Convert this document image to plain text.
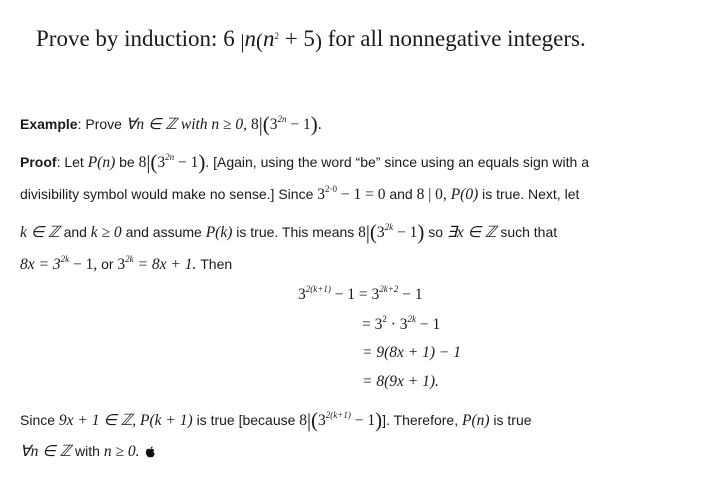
Prove by induction: 6 $|n(n^2 + 5)$ for all nonnegative integers.
Example: Prove ∀n ∈ ℤ with n ≥ 0, $8|(3^{2n} - 1)$.
Proof: Let P(n) be $8|(3^{2n} - 1)$. [Again, using the word “be” since using an equals sign with a
divisibility symbol would make no sense.] Since $3^{2\cdot 0} - 1 = 0$ and 8 | 0, P(0) is true. Next, let
k ∈ ℤ and k ≥ 0 and assume P(k) is true. This means $8|(3^{2k} - 1)$ so ∃x ∈ ℤ such that
$8x = 3^{2k} - 1$, or $3^{2k} = 8x + 1$. Then
$3^{2(k+1)} - 1 = 3^{2k+2} - 1$
= $3^2 \cdot 3^{2k} - 1$
= 9(8x + 1) − 1
= 8(9x + 1).
Since 9x + 1 ∈ ℤ, P(k + 1) is true [because $8|(3^{2(k+1)} - 1)$]. Therefore, P(n) is true
∀n ∈ ℤ with n ≥ 0.
